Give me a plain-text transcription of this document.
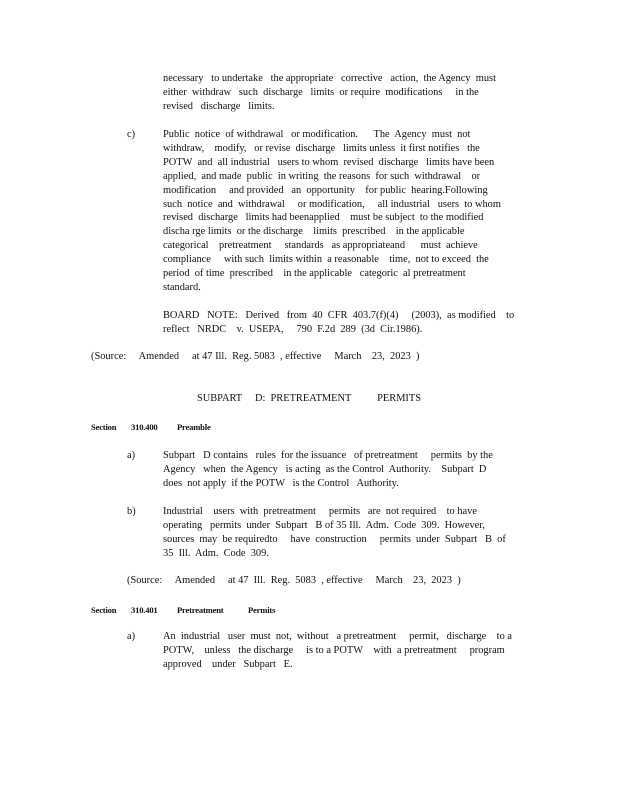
necessary   to undertake   the appropriate   corrective   action,  the Agency  must
either  withdraw   such  discharge   limits  or require  modifications     in the
revised   discharge   limits.
c)	Public  notice  of withdrawal   or modification.      The  Agency  must  not
withdraw,    modify,   or revise  discharge   limits unless  it first notifies   the
POTW  and  all industrial   users to whom  revised  discharge   limits have been
applied,  and made  public  in writing  the reasons  for such  withdrawal    or
modification     and provided   an  opportunity    for public  hearing.Following
such  notice  and  withdrawal     or modification,     all industrial   users  to whom
revised  discharge   limits had beenapplied    must be subject  to the modified
discha rge limits  or the discharge    limits  prescribed    in the applicable
categorical    pretreatment     standards   as appropriateand      must  achieve
compliance     with such  limits within  a reasonable    time,  not to exceed  the
period  of time  prescribed    in the applicable   categoric  al pretreatment
standard.
BOARD   NOTE:   Derived   from  40  CFR  403.7(f)(4)     (2003),  as modified    to
reflect   NRDC    v.  USEPA,     790  F.2d  289  (3d  Cir.1986).
(Source:     Amended     at 47 Ill.  Reg. 5083  , effective     March    23,  2023  )
SUBPART     D:  PRETREATMENT          PERMITS
Section 310.400 Preamble
a)	Subpart   D contains   rules  for the issuance   of pretreatment     permits  by the
Agency   when  the Agency   is acting  as the Control  Authority.    Subpart  D
does  not apply  if the POTW   is the Control   Authority.
b)	Industrial    users  with  pretreatment     permits   are  not required    to have
operating   permits  under  Subpart   B of 35 Ill.  Adm.  Code  309.  However,
sources  may  be requiredto     have  construction     permits  under  Subpart   B  of
35  Ill.  Adm.  Code  309.
(Source:     Amended     at 47  Ill.  Reg.  5083  , effective     March    23,  2023  )
Section 310.401 Pretreatment	Permits
a)	An  industrial   user  must  not,  without   a pretreatment     permit,   discharge    to a
POTW,    unless   the discharge     is to a POTW    with  a pretreatment     program
approved    under   Subpart   E.
